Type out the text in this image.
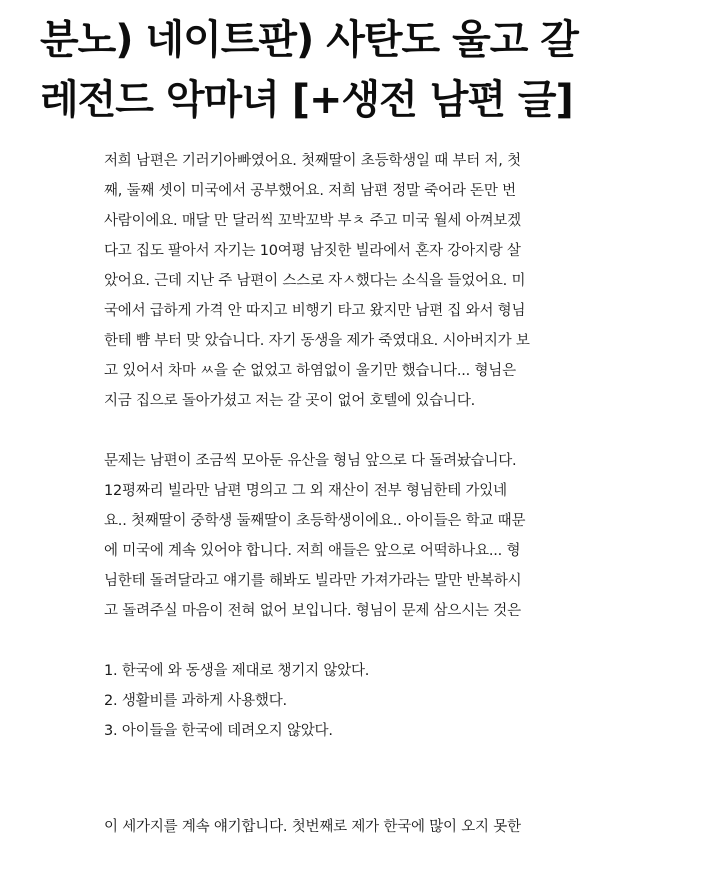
분노) 네이트판) 사탄도 울고 갈
레전드 악마녀 [+생전 남편 글]
저희 남편은 기러기아빠였어요. 첫째딸이 초등학생일 때 부터 저, 첫
째, 둘째 셋이 미국에서 공부했어요. 저희 남편 정말 죽어라 돈만 번
사람이에요. 매달 만 달러씩 꼬박꼬박 부ㅊ 주고 미국 월세 아껴보겠
다고 집도 팔아서 자기는 10여평 남짓한 빌라에서 혼자 강아지랑 살
았어요. 근데 지난 주 남편이 스스로 자ㅅ했다는 소식을 들었어요. 미
국에서 급하게 가격 안 따지고 비행기 타고 왔지만 남편 집 와서 형님
한테 뺨 부터 맞 았습니다. 자기 동생을 제가 죽였대요. 시아버지가 보
고 있어서 차마 ㅆ을 순 없었고 하염없이 울기만 했습니다... 형님은
지금 집으로 돌아가셨고 저는 갈 곳이 없어 호텔에 있습니다.
문제는 남편이 조금씩 모아둔 유산을 형님 앞으로 다 돌려놨습니다.
12평짜리 빌라만 남편 명의고 그 외 재산이 전부 형님한테 가있네
요.. 첫째딸이 중학생 둘째딸이 초등학생이에요.. 아이들은 학교 때문
에 미국에 계속 있어야 합니다. 저희 애들은 앞으로 어떡하나요... 형
님한테 돌려달라고 얘기를 해봐도 빌라만 가져가라는 말만 반복하시
고 돌려주실 마음이 전혀 없어 보입니다. 형님이 문제 삼으시는 것은
1. 한국에 와 동생을 제대로 챙기지 않았다.
2. 생활비를 과하게 사용했다.
3. 아이들을 한국에 데려오지 않았다.
이 세가지를 계속 얘기합니다. 첫번째로 제가 한국에 많이 오지 못한
